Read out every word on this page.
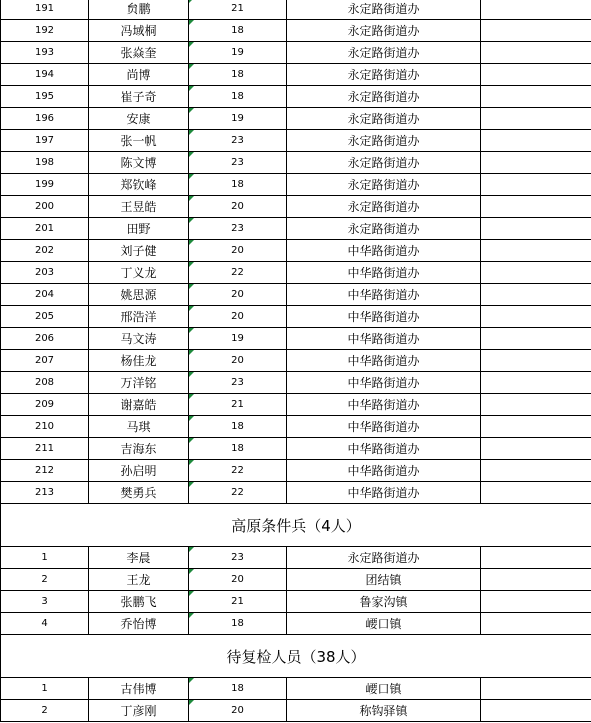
191	贠鹏	21	永定路街道办	
192	冯域桐	18	永定路街道办	
193	张焱奎	19	永定路街道办	
194	尚博	18	永定路街道办	
195	崔子奇	18	永定路街道办	
196	安康	19	永定路街道办	
197	张一帆	23	永定路街道办	
198	陈文博	23	永定路街道办	
199	郑钦峰	18	永定路街道办	
200	王昱皓	20	永定路街道办	
201	田野	23	永定路街道办	
202	刘子健	20	中华路街道办	
203	丁义龙	22	中华路街道办	
204	姚思源	20	中华路街道办	
205	邢浩洋	20	中华路街道办	
206	马文涛	19	中华路街道办	
207	杨佳龙	20	中华路街道办	
208	万洋铭	23	中华路街道办	
209	谢嘉皓	21	中华路街道办	
210	马琪	18	中华路街道办	
211	吉海东	18	中华路街道办	
212	孙启明	22	中华路街道办	
213	樊勇兵	22	中华路街道办	
高原条件兵（4人）				
1	李晨	23	永定路街道办	
2	王龙	20	团结镇	
3	张鹏飞	21	鲁家沟镇	
4	乔怡博	18	崾口镇	
待复检人员（38人）				
1	古伟博	18	崾口镇	
2	丁彦刚	20	称钩驿镇	
